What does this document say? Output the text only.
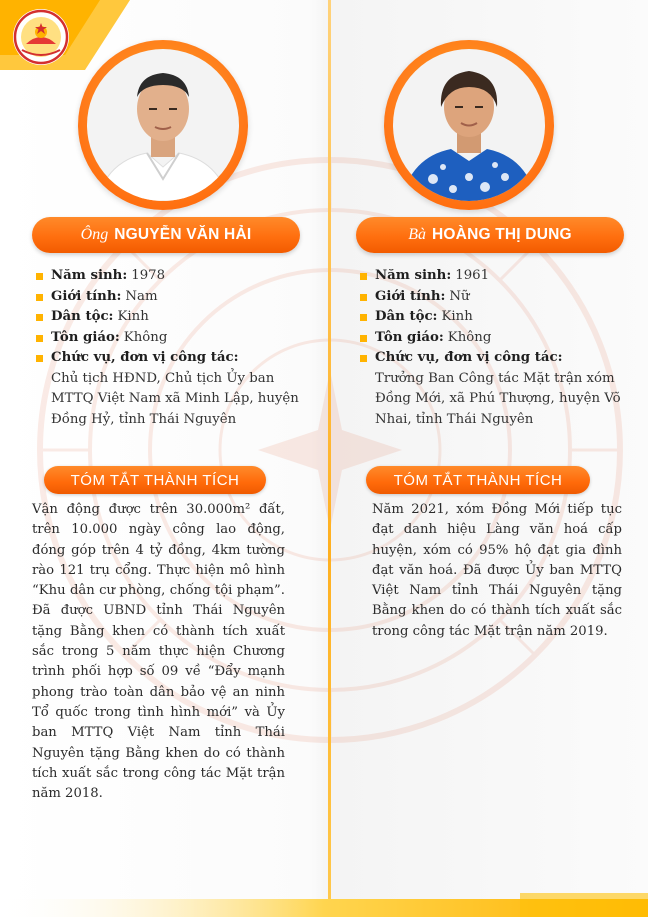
Ông NGUYỄN VĂN HẢI
Năm sinh: 1978
Giới tính: Nam
Dân tộc: Kinh
Tôn giáo: Không
Chức vụ, đơn vị công tác:
Chủ tịch HĐND, Chủ tịch Ủy ban MTTQ Việt Nam xã Minh Lập, huyện Đồng Hỷ, tỉnh Thái Nguyên
TÓM TẮT THÀNH TÍCH
Vận động được trên 30.000m² đất, trên 10.000 ngày công lao động, đóng góp trên 4 tỷ đồng, 4km tường rào 121 trụ cổng. Thực hiện mô hình “Khu dân cư phòng, chống tội phạm”. Đã được UBND tỉnh Thái Nguyên tặng Bằng khen có thành tích xuất sắc trong 5 năm thực hiện Chương trình phối hợp số 09 về “Đẩy mạnh phong trào toàn dân bảo vệ an ninh Tổ quốc trong tình hình mới” và Ủy ban MTTQ Việt Nam tỉnh Thái Nguyên tặng Bằng khen do có thành tích xuất sắc trong công tác Mặt trận năm 2018.
Bà HOÀNG THỊ DUNG
Năm sinh: 1961
Giới tính: Nữ
Dân tộc: Kinh
Tôn giáo: Không
Chức vụ, đơn vị công tác:
Trưởng Ban Công tác Mặt trận xóm Đồng Mới, xã Phú Thượng, huyện Võ Nhai, tỉnh Thái Nguyên
TÓM TẮT THÀNH TÍCH
Năm 2021, xóm Đồng Mới tiếp tục đạt danh hiệu Làng văn hoá cấp huyện, xóm có 95% hộ đạt gia đình đạt văn hoá. Đã được Ủy ban MTTQ Việt Nam tỉnh Thái Nguyên tặng Bằng khen do có thành tích xuất sắc trong công tác Mặt trận năm 2019.
